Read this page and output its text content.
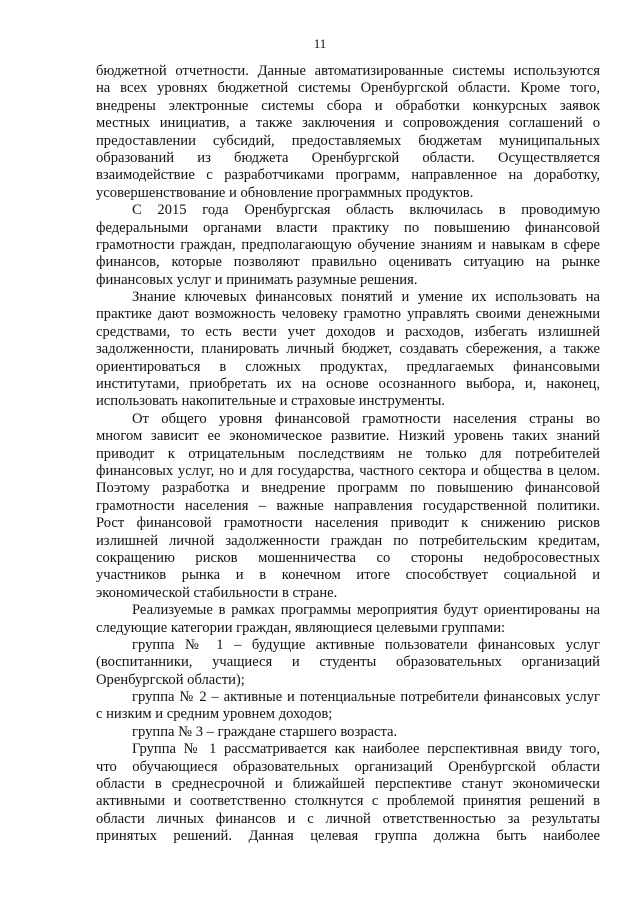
11
бюджетной отчетности. Данные автоматизированные системы используются
на всех уровнях бюджетной системы Оренбургской области. Кроме того,
внедрены электронные системы сбора и обработки конкурсных заявок
местных инициатив, а также заключения и сопровождения соглашений о
предоставлении субсидий, предоставляемых бюджетам муниципальных
образований из бюджета Оренбургской области. Осуществляется
взаимодействие с разработчиками программ, направленное на доработку,
усовершенствование и обновление программных продуктов.
С 2015 года Оренбургская область включилась в проводимую
федеральными органами власти практику по повышению финансовой
грамотности граждан, предполагающую обучение знаниям и навыкам в сфере
финансов, которые позволяют правильно оценивать ситуацию на рынке
финансовых услуг и принимать разумные решения.
Знание ключевых финансовых понятий и умение их использовать на
практике дают возможность человеку грамотно управлять своими денежными
средствами, то есть вести учет доходов и расходов, избегать излишней
задолженности, планировать личный бюджет, создавать сбережения, а также
ориентироваться в сложных продуктах, предлагаемых финансовыми
институтами, приобретать их на основе осознанного выбора, и, наконец,
использовать накопительные и страховые инструменты.
От общего уровня финансовой грамотности населения страны во
многом зависит ее экономическое развитие. Низкий уровень таких знаний
приводит к отрицательным последствиям не только для потребителей
финансовых услуг, но и для государства, частного сектора и общества в целом.
Поэтому разработка и внедрение программ по повышению финансовой
грамотности населения – важные направления государственной политики.
Рост финансовой грамотности населения приводит к снижению рисков
излишней личной задолженности граждан по потребительским кредитам,
сокращению рисков мошенничества со стороны недобросовестных
участников рынка и в конечном итоге способствует социальной и
экономической стабильности в стране.
Реализуемые в рамках программы мероприятия будут ориентированы на
следующие категории граждан, являющиеся целевыми группами:
группа № 1 – будущие активные пользователи финансовых услуг
(воспитанники, учащиеся и студенты образовательных организаций
Оренбургской области);
группа № 2 – активные и потенциальные потребители финансовых услуг
с низким и средним уровнем доходов;
группа № 3 – граждане старшего возраста.
Группа № 1 рассматривается как наиболее перспективная ввиду того,
что обучающиеся образовательных организаций Оренбургской области
области в среднесрочной и ближайшей перспективе станут экономически
активными и соответственно столкнутся с проблемой принятия решений в
области личных финансов и с личной ответственностью за результаты
принятых решений. Данная целевая группа должна быть наиболее
